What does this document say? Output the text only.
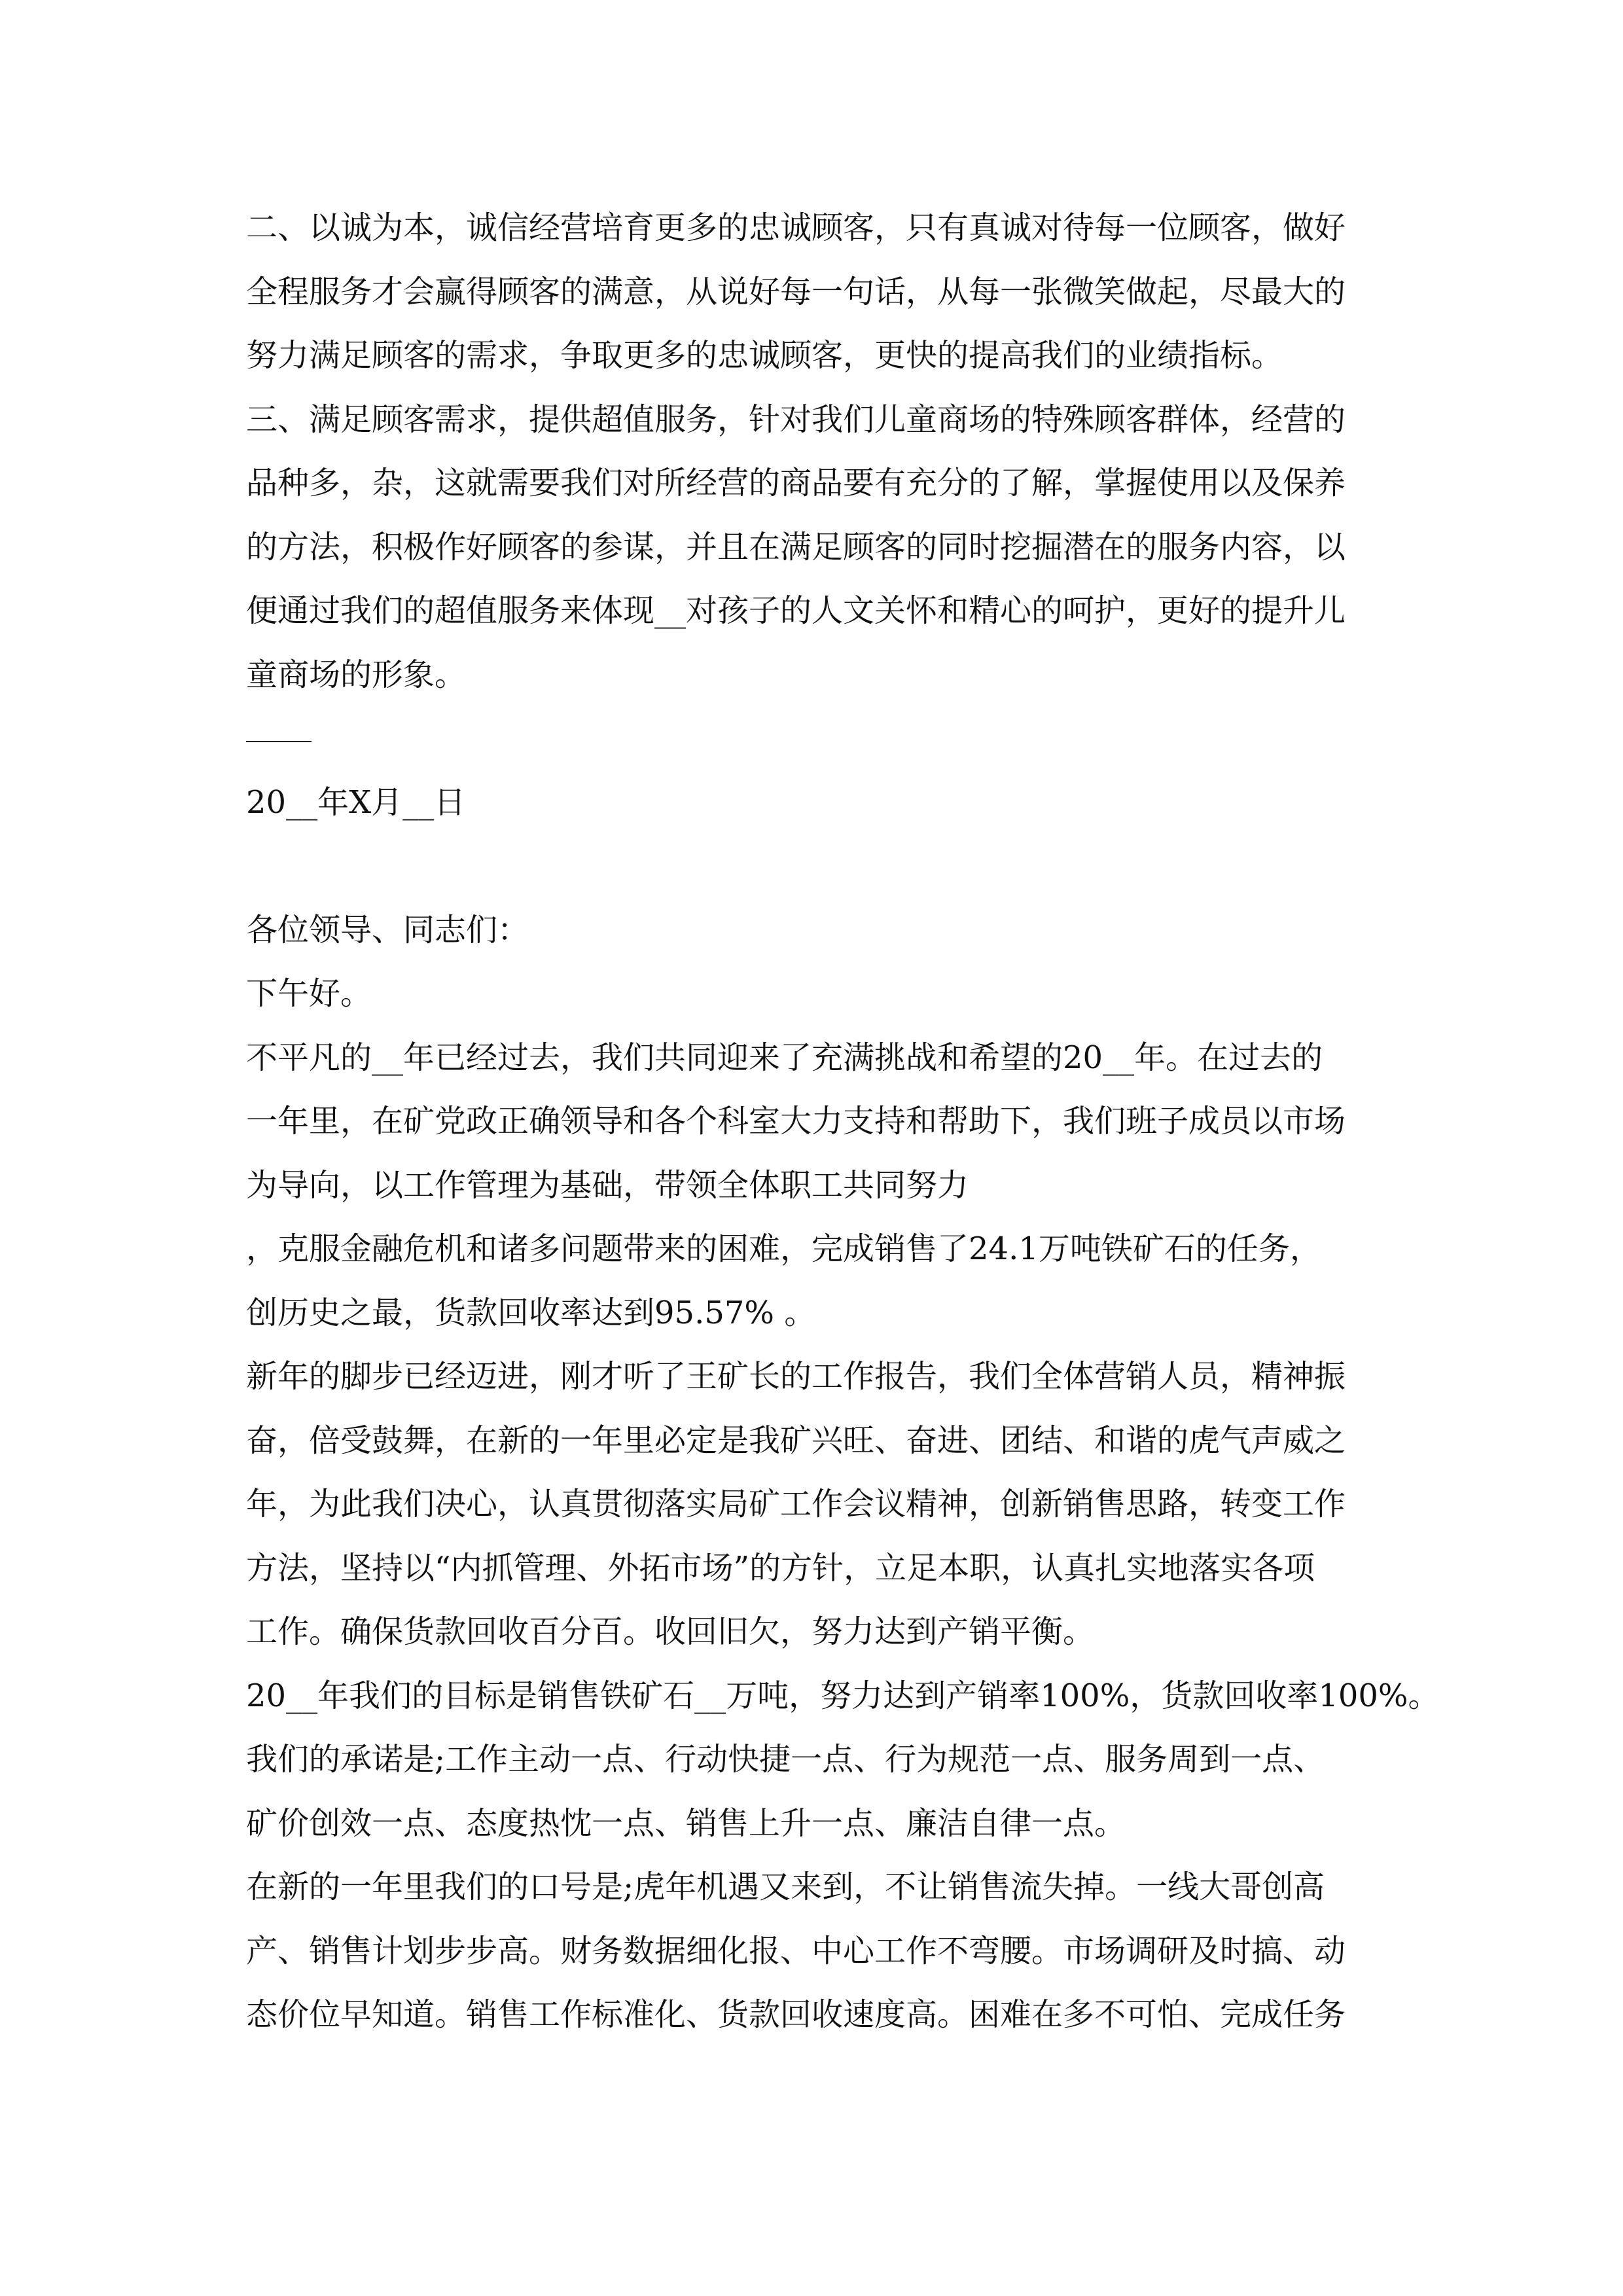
二、以诚为本，诚信经营培育更多的忠诚顾客，只有真诚对待每一位顾客，做好
全程服务才会赢得顾客的满意，从说好每一句话，从每一张微笑做起，尽最大的
努力满足顾客的需求，争取更多的忠诚顾客，更快的提高我们的业绩指标。
三、满足顾客需求，提供超值服务，针对我们儿童商场的特殊顾客群体，经营的
品种多，杂，这就需要我们对所经营的商品要有充分的了解，掌握使用以及保养
的方法，积极作好顾客的参谋，并且在满足顾客的同时挖掘潜在的服务内容，以
便通过我们的超值服务来体现__对孩子的人文关怀和精心的呵护，更好的提升儿
童商场的形象。
20__年X月__日
各位领导、同志们：
下午好。
不平凡的__年已经过去，我们共同迎来了充满挑战和希望的20__年。在过去的
一年里，在矿党政正确领导和各个科室大力支持和帮助下，我们班子成员以市场
为导向，以工作管理为基础，带领全体职工共同努力
，克服金融危机和诸多问题带来的困难，完成销售了24.1万吨铁矿石的任务，
创历史之最，货款回收率达到95.57% 。
新年的脚步已经迈进，刚才听了王矿长的工作报告，我们全体营销人员，精神振
奋，倍受鼓舞，在新的一年里必定是我矿兴旺、奋进、团结、和谐的虎气声威之
年，为此我们决心，认真贯彻落实局矿工作会议精神，创新销售思路，转变工作
方法，坚持以“内抓管理、外拓市场”的方针，立足本职，认真扎实地落实各项
工作。确保货款回收百分百。收回旧欠，努力达到产销平衡。
20__年我们的目标是销售铁矿石__万吨，努力达到产销率100%，货款回收率100%。
我们的承诺是;工作主动一点、行动快捷一点、行为规范一点、服务周到一点、
矿价创效一点、态度热忱一点、销售上升一点、廉洁自律一点。
在新的一年里我们的口号是;虎年机遇又来到，不让销售流失掉。一线大哥创高
产、销售计划步步高。财务数据细化报、中心工作不弯腰。市场调研及时搞、动
态价位早知道。销售工作标准化、货款回收速度高。困难在多不可怕、完成任务
